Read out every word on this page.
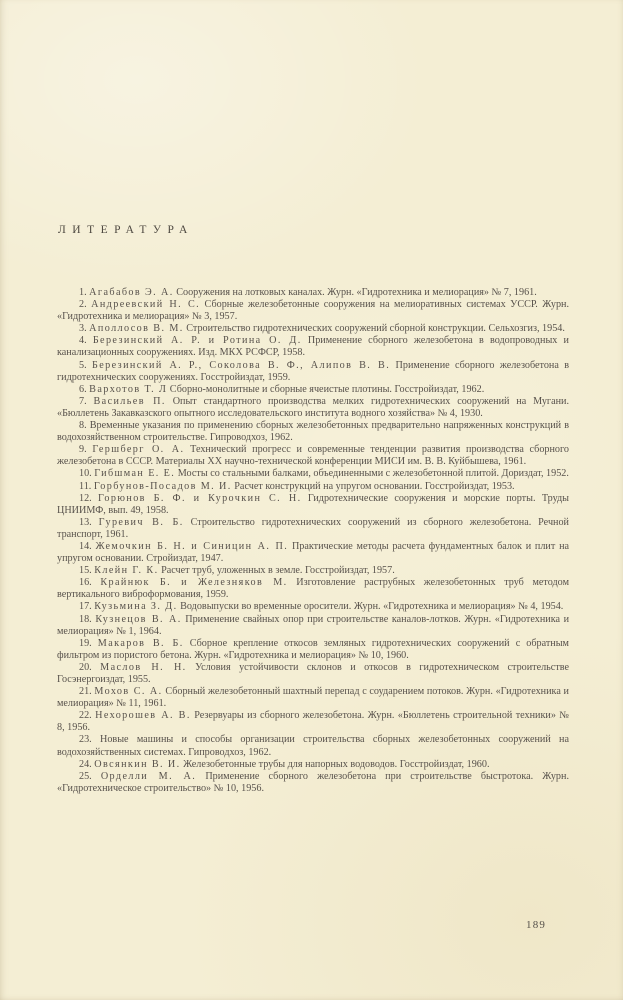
ЛИТЕРАТУРА

1. Агабабов Э. А. Сооружения на лотковых каналах. Журн. «Гидротехника и мелиорация» № 7, 1961.

2. Андреевский Н. С. Сборные железобетонные сооружения на мелиоративных системах УССР. Журн. «Гидротехника и мелиорация» № 3, 1957.

3. Аполлосов В. М. Строительство гидротехнических сооружений сборной конструкции. Сельхозгиз, 1954.

4. Березинский А. Р. и Ротина О. Д. Применение сборного железобетона в водопроводных и канализационных сооружениях. Изд. МКХ РСФСР, 1958.

5. Березинский А. Р., Соколова В. Ф., Алипов В. В. Применение сборного железобетона в гидротехнических сооружениях. Госстройиздат, 1959.

6. Вархотов Т. Л Сборно-монолитные и сборные ячеистые плотины. Госстройиздат, 1962.

7. Васильев П. Опыт стандартного производства мелких гидротехнических сооружений на Мугани. «Бюллетень Закавказского опытного исследовательского института водного хозяйства» № 4, 1930.

8. Временные указания по применению сборных железобетонных предварительно напряженных конструкций в водохозяйственном строительстве. Гипроводхоз, 1962.

9. Гершберг О. А. Технический прогресс и современные тенденции развития производства сборного железобетона в СССР. Материалы XX научно-технической конференции МИСИ им. В. В. Куйбышева, 1961.

10. Гибшман Е. Е. Мосты со стальными балками, объединенными с железобетонной плитой. Дориздат, 1952.

11. Горбунов-Посадов М. И. Расчет конструкций на упругом основании. Госстройиздат, 1953.

12. Горюнов Б. Ф. и Курочкин С. Н. Гидротехнические сооружения и морские порты. Труды ЦНИИМФ, вып. 49, 1958.

13. Гуревич В. Б. Строительство гидротехнических сооружений из сборного железобетона. Речной транспорт, 1961.

14. Жемочкин Б. Н. и Синицин А. П. Практические методы расчета фундаментных балок и плит на упругом основании. Стройиздат, 1947.

15. Клейн Г. К. Расчет труб, уложенных в земле. Госстройиздат, 1957.

16. Крайнюк Б. и Железняков М. Изготовление раструбных железобетонных труб методом вертикального виброформования, 1959.

17. Кузьмина З. Д. Водовыпуски во временные оросители. Журн. «Гидротехника и мелиорация» № 4, 1954.

18. Кузнецов В. А. Применение свайных опор при строительстве каналов-лотков. Журн. «Гидротехника и мелиорация» № 1, 1964.

19. Макаров В. Б. Сборное крепление откосов земляных гидротехнических сооружений с обратным фильтром из пористого бетона. Журн. «Гидротехника и мелиорация» № 10, 1960.

20. Маслов Н. Н. Условия устойчивости склонов и откосов в гидротехническом строительстве Госэнергоиздат, 1955.

21. Мохов С. А. Сборный железобетонный шахтный перепад с соударением потоков. Журн. «Гидротехника и мелиорация» № 11, 1961.

22. Нехорошев А. В. Резервуары из сборного железобетона. Журн. «Бюллетень строительной техники» № 8, 1956.

23. Новые машины и способы организации строительства сборных железобетонных сооружений на водохозяйственных системах. Гипроводхоз, 1962.

24. Овсянкин В. И. Железобетонные трубы для напорных водоводов. Госстройиздат, 1960.

25. Орделли М. А. Применение сборного железобетона при строительстве быстротока. Журн. «Гидротехническое строительство» № 10, 1956.

189
